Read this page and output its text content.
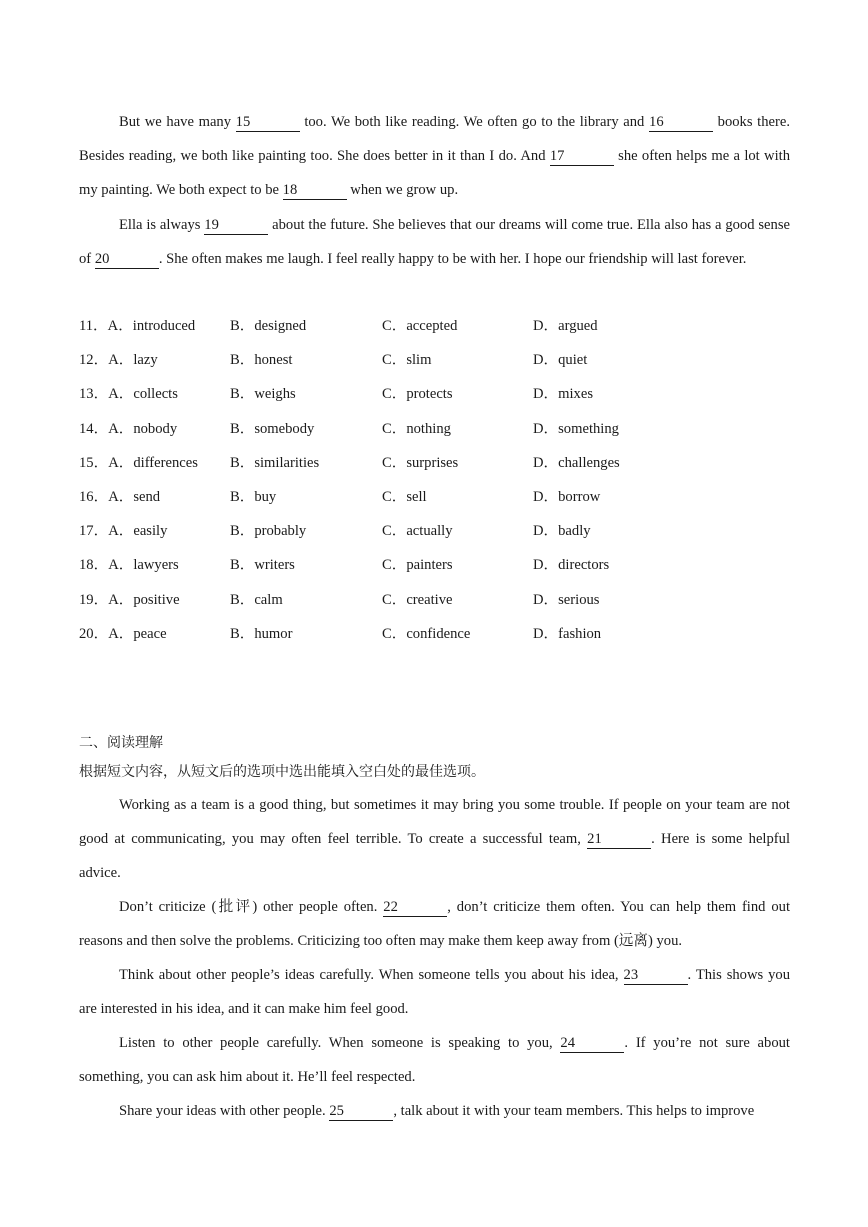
But we have many 15	too. We both like reading. We often go to the library and 16	books there. Besides reading, we both like painting too. She does better in it than I do. And 17	she often helps me a lot with my painting. We both expect to be 18	when we grow up.
Ella is always 19	about the future. She believes that our dreams will come true. Ella also has a good sense of 20	. She often makes me laugh. I feel really happy to be with her. I hope our friendship will last forever.
11．A．introduced B．designed	C．accepted	D．argued
12．A．lazy	B．honest	C．slim	D．quiet
13．A．collects	B．weighs	C．protects	D．mixes
14．A．nobody	B．somebody	C．nothing	D．something
15．A．differences B．similarities	C．surprises	D．challenges
16．A．send	B．buy	C．sell	D．borrow
17．A．easily	B．probably	C．actually	D．badly
18．A．lawyers	B．writers	C．painters	D．directors
19．A．positive	B．calm	C．creative	D．serious
20．A．peace	B．humor	C．confidence	D．fashion
二、阅读理解
根据短文内容，从短文后的选项中选出能填入空白处的最佳选项。
Working as a team is a good thing, but sometimes it may bring you some trouble. If people on your team are not good at communicating, you may often feel terrible. To create a successful team, 21	. Here is some helpful advice.
Don’t criticize (批评) other people often. 22	, don’t criticize them often. You can help them find out reasons and then solve the problems. Criticizing too often may make them keep away from (远离) you.
Think about other people’s ideas carefully. When someone tells you about his idea, 23	. This shows you are interested in his idea, and it can make him feel good.
Listen to other people carefully. When someone is speaking to you, 24	. If you’re not sure about something, you can ask him about it. He’ll feel respected.
Share your ideas with other people. 25	, talk about it with your team members. This helps to improve
